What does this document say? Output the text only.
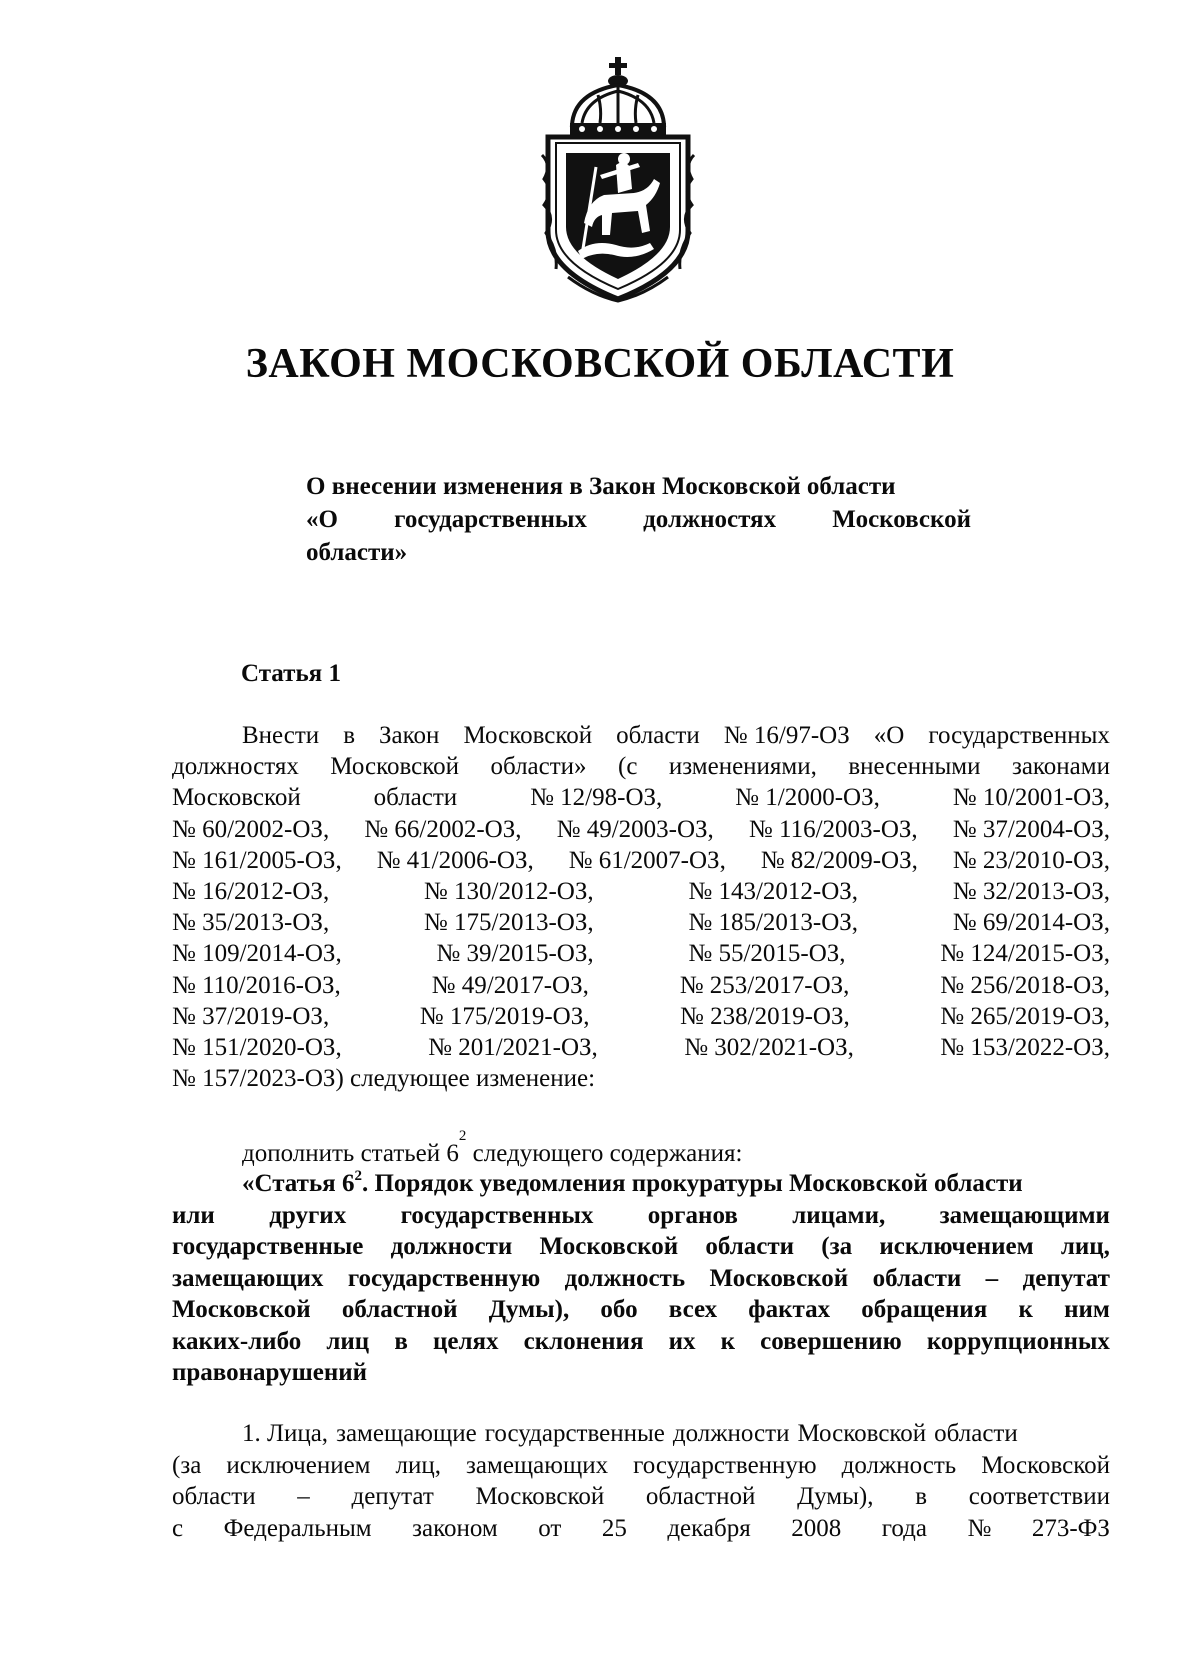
ЗАКОН МОСКОВСКОЙ ОБЛАСТИ
О внесении изменения в Закон Московской области
«О государственных должностях Московской
области»
Статья 1
Внести в Закон Московской области № 16/97-ОЗ «О государственных
должностях Московской области» (с изменениями, внесенными законами
Московской	области	№ 12/98-ОЗ,	№ 1/2000-ОЗ,	№ 10/2001-ОЗ,
№ 60/2002-ОЗ, № 66/2002-ОЗ, № 49/2003-ОЗ, № 116/2003-ОЗ, № 37/2004-ОЗ,
№ 161/2005-ОЗ, № 41/2006-ОЗ, № 61/2007-ОЗ, № 82/2009-ОЗ, № 23/2010-ОЗ,
№ 16/2012-ОЗ,	№ 130/2012-ОЗ,	№ 143/2012-ОЗ,	№ 32/2013-ОЗ,
№ 35/2013-ОЗ,	№ 175/2013-ОЗ,	№ 185/2013-ОЗ,	№ 69/2014-ОЗ,
№ 109/2014-ОЗ,	№ 39/2015-ОЗ,	№ 55/2015-ОЗ,	№ 124/2015-ОЗ,
№ 110/2016-ОЗ,	№ 49/2017-ОЗ,	№ 253/2017-ОЗ,	№ 256/2018-ОЗ,
№ 37/2019-ОЗ,	№ 175/2019-ОЗ,	№ 238/2019-ОЗ,	№ 265/2019-ОЗ,
№ 151/2020-ОЗ,	№ 201/2021-ОЗ,	№ 302/2021-ОЗ,	№ 153/2022-ОЗ,
№ 157/2023-ОЗ) следующее изменение:
дополнить статьей 6
$^2$
следующего содержания:
«Статья $6^2$. Порядок уведомления прокуратуры Московской области
или других государственных органов лицами, замещающими
государственные должности Московской области (за исключением лиц,
замещающих государственную должность Московской области – депутат
Московской областной Думы), обо всех фактах обращения к ним
каких-либо лиц в целях склонения их к совершению коррупционных
правонарушений
1. Лица, замещающие государственные должности Московской области
(за исключением лиц, замещающих государственную должность Московской
области – депутат Московской областной Думы), в соответствии
с Федеральным законом от 25 декабря 2008 года № 273-ФЗ
